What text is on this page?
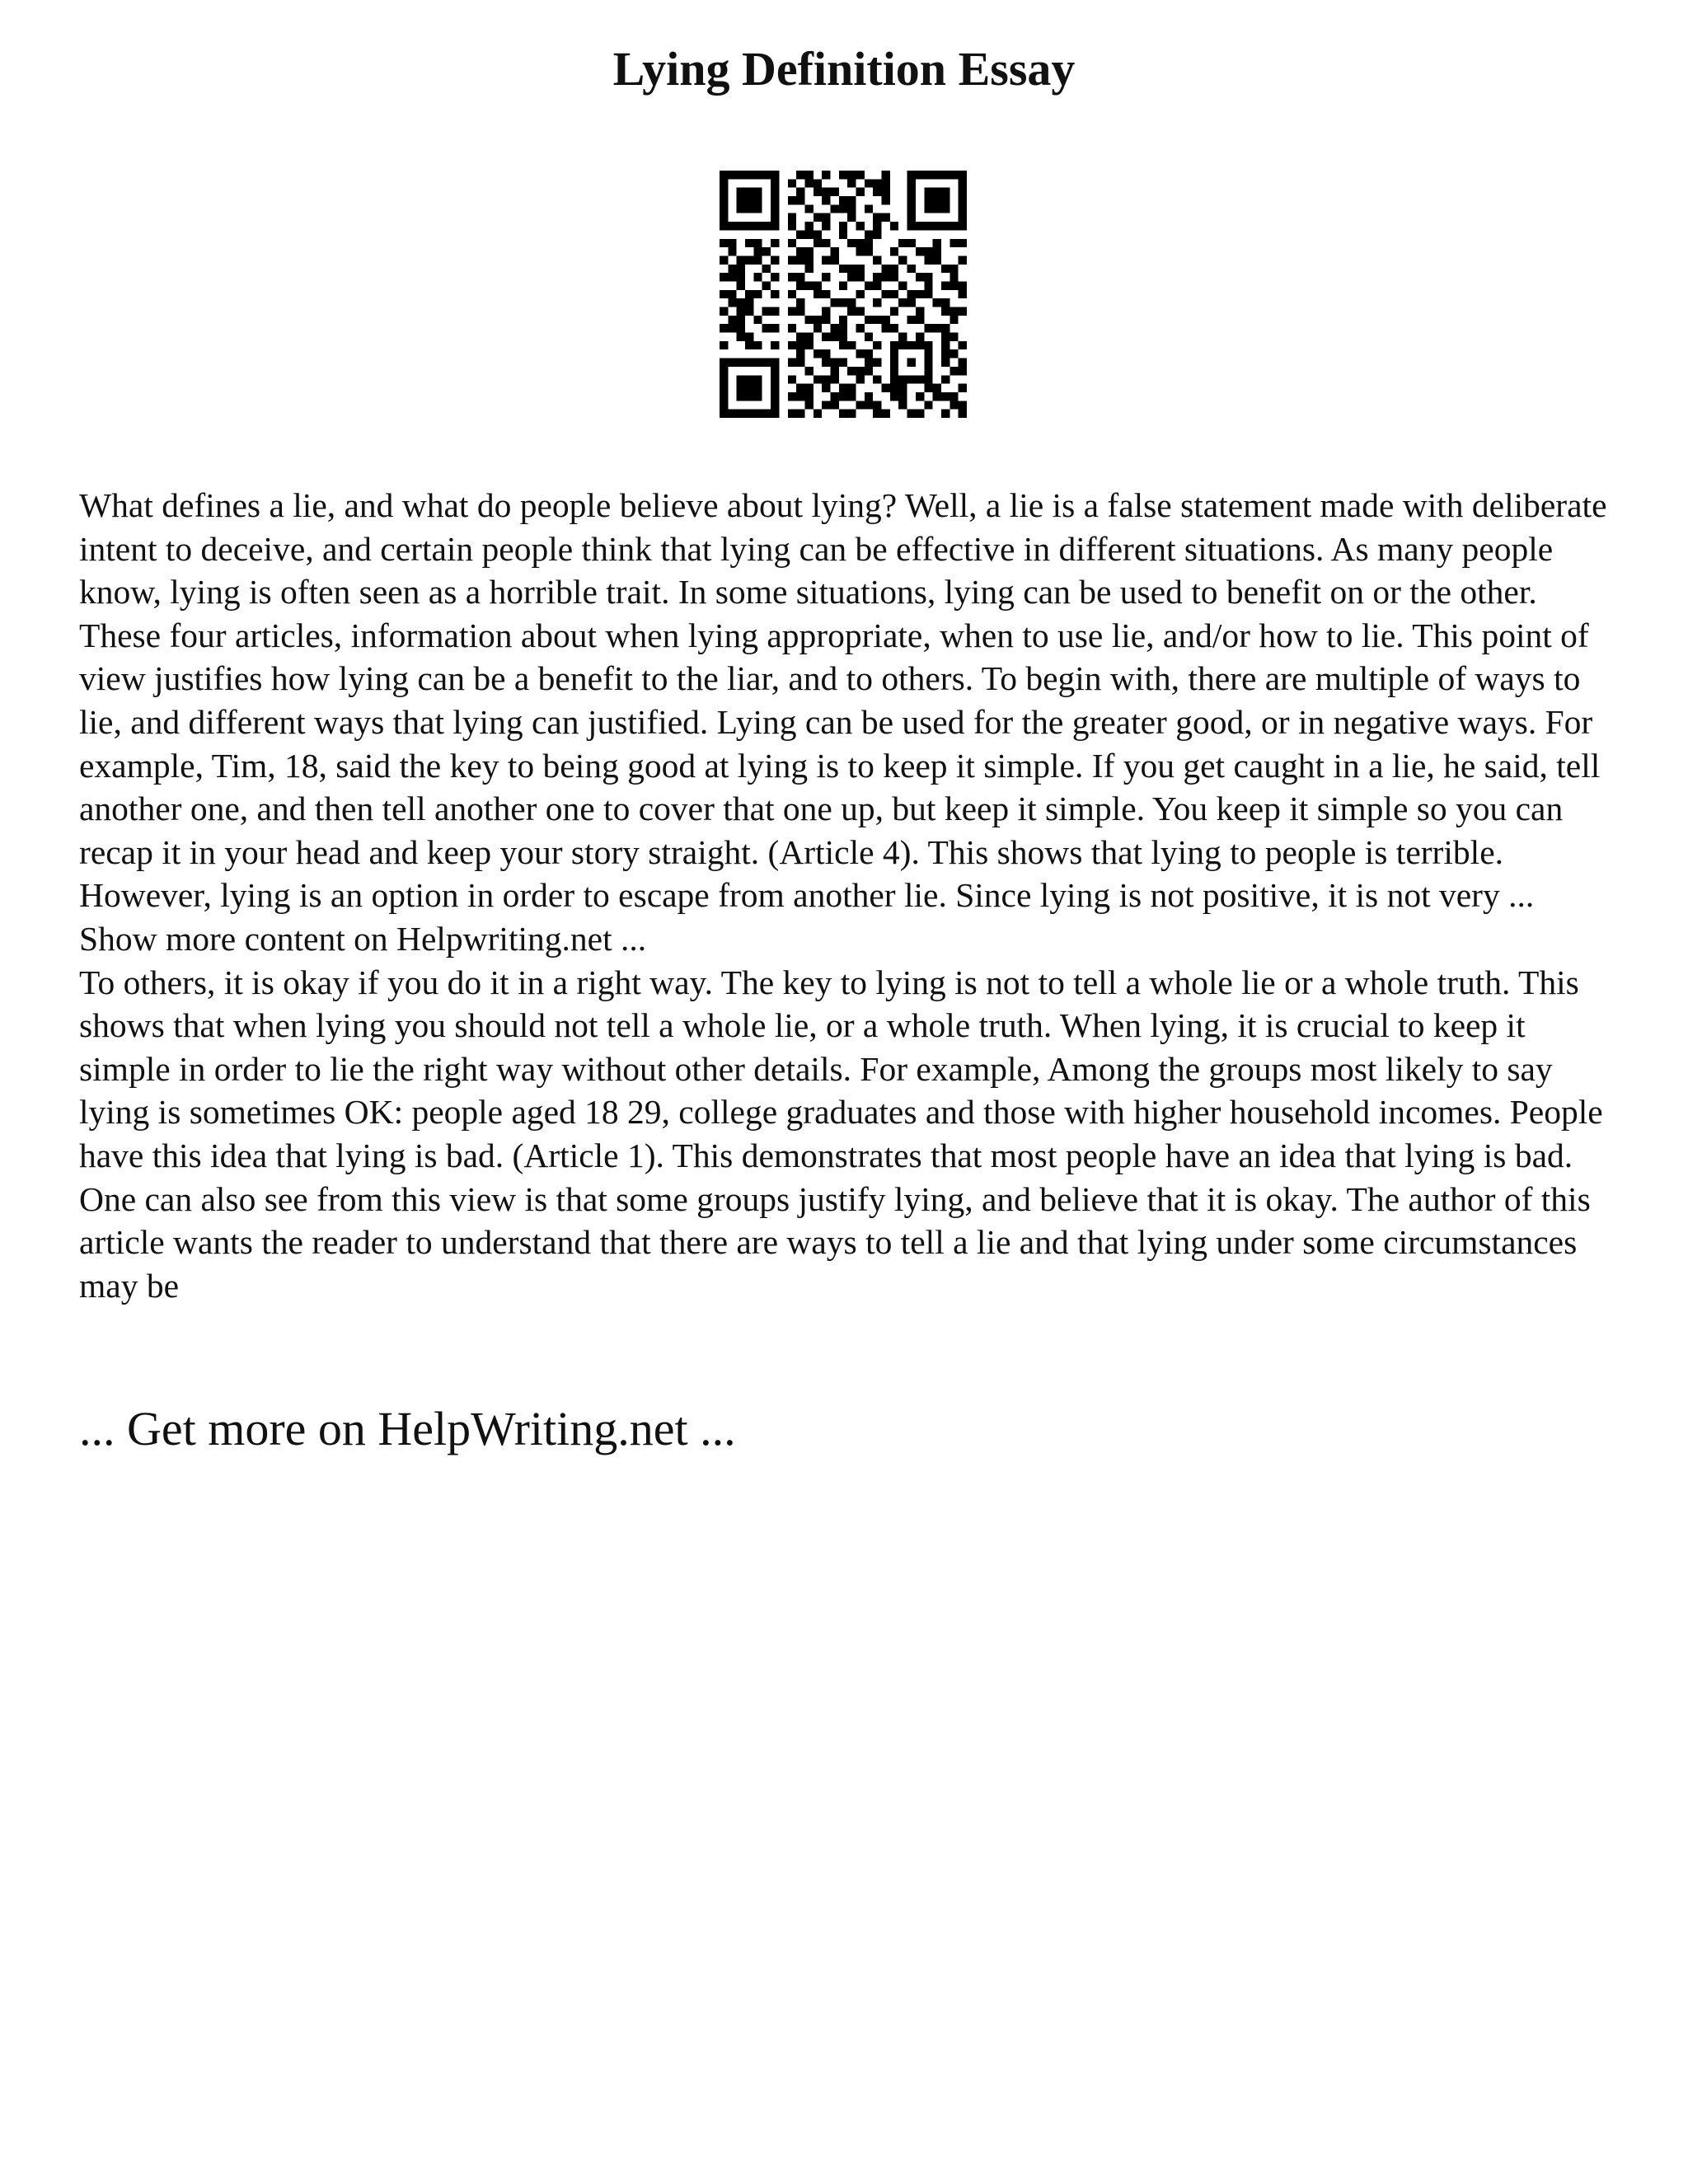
Lying Definition Essay

What defines a lie, and what do people believe about lying? Well, a lie is a false statement made with deliberate intent to deceive, and certain people think that lying can be effective in different situations. As many people know, lying is often seen as a horrible trait. In some situations, lying can be used to benefit on or the other. These four articles, information about when lying appropriate, when to use lie, and/or how to lie. This point of view justifies how lying can be a benefit to the liar, and to others. To begin with, there are multiple of ways to lie, and different ways that lying can justified. Lying can be used for the greater good, or in negative ways. For example, Tim, 18, said the key to being good at lying is to keep it simple. If you get caught in a lie, he said, tell another one, and then tell another one to cover that one up, but keep it simple. You keep it simple so you can recap it in your head and keep your story straight. (Article 4). This shows that lying to people is terrible. However, lying is an option in order to escape from another lie. Since lying is not positive, it is not very ... Show more content on Helpwriting.net ...

To others, it is okay if you do it in a right way. The key to lying is not to tell a whole lie or a whole truth. This shows that when lying you should not tell a whole lie, or a whole truth. When lying, it is crucial to keep it simple in order to lie the right way without other details. For example, Among the groups most likely to say lying is sometimes OK: people aged 18 29, college graduates and those with higher household incomes. People have this idea that lying is bad. (Article 1). This demonstrates that most people have an idea that lying is bad. One can also see from this view is that some groups justify lying, and believe that it is okay. The author of this article wants the reader to understand that there are ways to tell a lie and that lying under some circumstances may be

... Get more on HelpWriting.net ...
